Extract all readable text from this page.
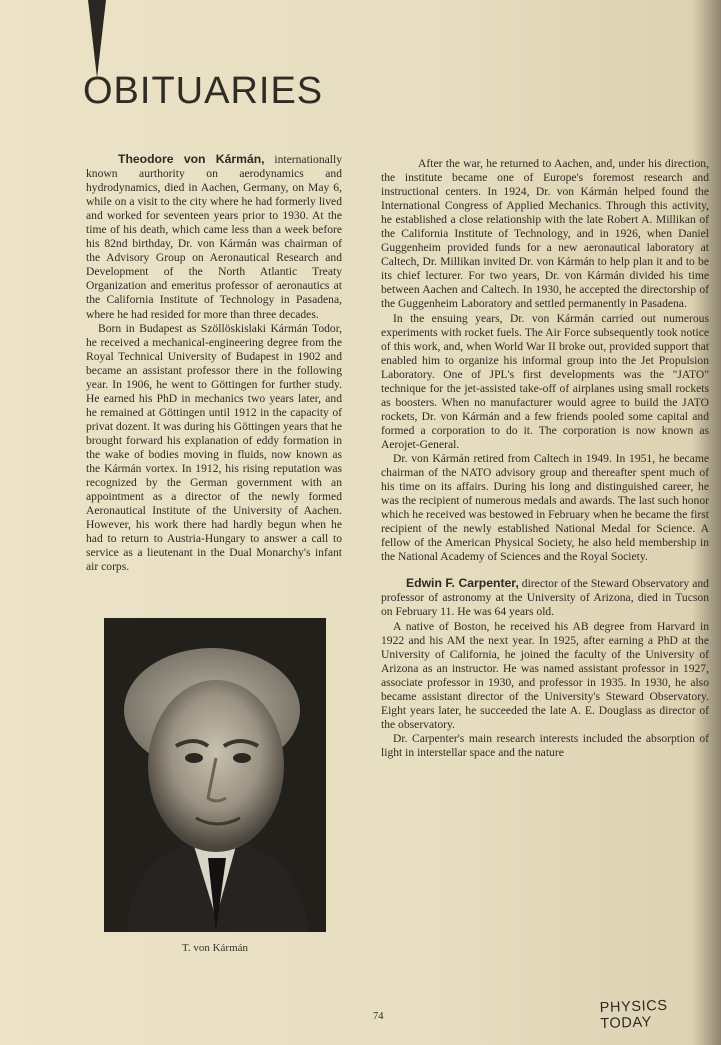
OBITUARIES

Theodore von Kármán, internationally known aurthority on aerodynamics and hydrodynamics, died in Aachen, Germany, on May 6, while on a visit to the city where he had formerly lived and worked for seventeen years prior to 1930. At the time of his death, which came less than a week before his 82nd birthday, Dr. von Kármán was chairman of the Advisory Group on Aeronautical Research and Development of the North Atlantic Treaty Organization and emeritus professor of aeronautics at the California Institute of Technology in Pasadena, where he had resided for more than three decades.

Born in Budapest as Szöllöskislaki Kármán Todor, he received a mechanical-engineering degree from the Royal Technical University of Budapest in 1902 and became an assistant professor there in the following year. In 1906, he went to Göttingen for further study. He earned his PhD in mechanics two years later, and he remained at Göttingen until 1912 in the capacity of privat dozent. It was during his Göttingen years that he brought forward his explanation of eddy formation in the wake of bodies moving in fluids, now known as the Kármán vortex. In 1912, his rising reputation was recognized by the German government with an appointment as a director of the newly formed Aeronautical Institute of the University of Aachen. However, his work there had hardly begun when he had to return to Austria-Hungary to answer a call to service as a lieutenant in the Dual Monarchy's infant air corps.

T. von Kármán

After the war, he returned to Aachen, and, under his direction, the institute became one of Europe's foremost research and instructional centers. In 1924, Dr. von Kármán helped found the International Congress of Applied Mechanics. Through this activity, he established a close relationship with the late Robert A. Millikan of the California Institute of Technology, and in 1926, when Daniel Guggenheim provided funds for a new aeronautical laboratory at Caltech, Dr. Millikan invited Dr. von Kármán to help plan it and to be its chief lecturer. For two years, Dr. von Kármán divided his time between Aachen and Caltech. In 1930, he accepted the directorship of the Guggenheim Laboratory and settled permanently in Pasadena.

In the ensuing years, Dr. von Kármán carried out numerous experiments with rocket fuels. The Air Force subsequently took notice of this work, and, when World War II broke out, provided support that enabled him to organize his informal group into the Jet Propulsion Laboratory. One of JPL's first developments was the "JATO" technique for the jet-assisted take-off of airplanes using small rockets as boosters. When no manufacturer would agree to build the JATO rockets, Dr. von Kármán and a few friends pooled some capital and formed a corporation to do it. The corporation is now known as Aerojet-General.

Dr. von Kármán retired from Caltech in 1949. In 1951, he became chairman of the NATO advisory group and thereafter spent much of his time on its affairs. During his long and distinguished career, he was the recipient of numerous medals and awards. The last such honor which he received was bestowed in February when he became the first recipient of the newly established National Medal for Science. A fellow of the American Physical Society, he also held membership in the National Academy of Sciences and the Royal Society.

Edwin F. Carpenter, director of the Steward Observatory and professor of astronomy at the University of Arizona, died in Tucson on February 11. He was 64 years old.

A native of Boston, he received his AB degree from Harvard in 1922 and his AM the next year. In 1925, after earning a PhD at the University of California, he joined the faculty of the University of Arizona as an instructor. He was named assistant professor in 1927, associate professor in 1930, and professor in 1935. In 1930, he also became assistant director of the University's Steward Observatory. Eight years later, he succeeded the late A. E. Douglass as director of the observatory.

Dr. Carpenter's main research interests included the absorption of light in interstellar space and the nature

74
PHYSICS TODAY
